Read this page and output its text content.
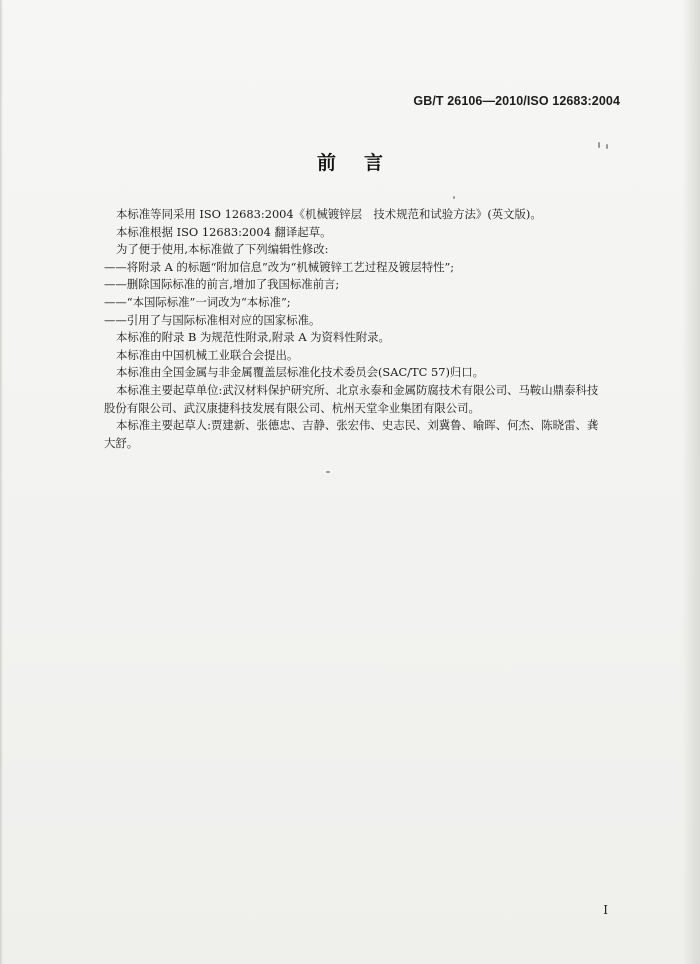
GB/T 26106—2010/ISO 12683:2004
前言

本标准等同采用 ISO 12683:2004《机械镀锌层　技术规范和试验方法》(英文版)。

本标准根据 ISO 12683:2004 翻译起草。

为了便于使用,本标准做了下列编辑性修改:

——将附录 A 的标题“附加信息”改为“机械镀锌工艺过程及镀层特性”;

——删除国际标准的前言,增加了我国标准前言;

——“本国际标准”一词改为“本标准”;

——引用了与国际标准相对应的国家标准。

本标准的附录 B 为规范性附录,附录 A 为资料性附录。

本标准由中国机械工业联合会提出。

本标准由全国金属与非金属覆盖层标准化技术委员会(SAC/TC 57)归口。

本标准主要起草单位:武汉材料保护研究所、北京永泰和金属防腐技术有限公司、马鞍山鼎泰科技股份有限公司、武汉康捷科技发展有限公司、杭州天堂伞业集团有限公司。

本标准主要起草人:贾建新、张德忠、吉静、张宏伟、史志民、刘冀鲁、喻晖、何杰、陈晓雷、龚大舒。

I
